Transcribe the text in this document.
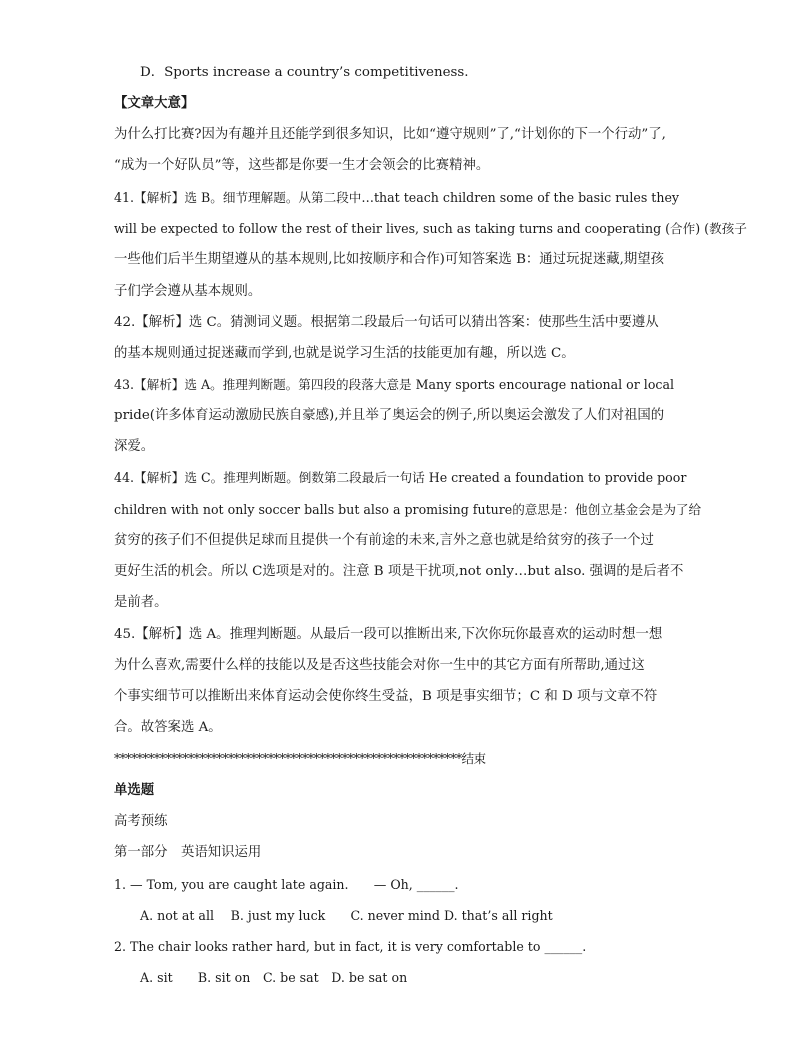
D．Sports increase a country’s competitiveness.
【文章大意】
为什么打比赛?因为有趣并且还能学到很多知识，比如“遵守规则”了,“计划你的下一个行动”了,
“成为一个好队员”等，这些都是你要一生才会领会的比赛精神。
41.【解析】选 B。细节理解题。从第二段中…that teach children some of the basic rules they
will be expected to follow the rest of their lives, such as taking turns and cooperating (合作) (教孩子
一些他们后半生期望遵从的基本规则,比如按顺序和合作)可知答案选 B：通过玩捉迷藏,期望孩
子们学会遵从基本规则。
42.【解析】选 C。猜测词义题。根据第二段最后一句话可以猜出答案：使那些生活中要遵从
的基本规则通过捉迷藏而学到,也就是说学习生活的技能更加有趣，所以选 C。
43.【解析】选 A。推理判断题。第四段的段落大意是 Many sports encourage national or local
pride(许多体育运动激励民族自豪感),并且举了奥运会的例子,所以奥运会激发了人们对祖国的
深爱。
44.【解析】选 C。推理判断题。倒数第二段最后一句话 He created a foundation to provide poor
children with not only soccer balls but also a promising future的意思是：他创立基金会是为了给
贫穷的孩子们不但提供足球而且提供一个有前途的未来,言外之意也就是给贫穷的孩子一个过
更好生活的机会。所以 C选项是对的。注意 B 项是干扰项,not only…but also. 强调的是后者不
是前者。
45.【解析】选 A。推理判断题。从最后一段可以推断出来,下次你玩你最喜欢的运动时想一想
为什么喜欢,需要什么样的技能以及是否这些技能会对你一生中的其它方面有所帮助,通过这
个事实细节可以推断出来体育运动会使你终生受益，B 项是事实细节；C 和 D 项与文章不符
合。故答案选 A。
*************************************************************结束
单选题
高考预练
第一部分　英语知识运用
1. — Tom, you are caught late again.　　— Oh, ______.
A. not at all　 B. just my luck　　C. never mind D. that’s all right
2. The chair looks rather hard, but in fact, it is very comfortable to ______.
A. sit　　B. sit on　C. be sat　D. be sat on
